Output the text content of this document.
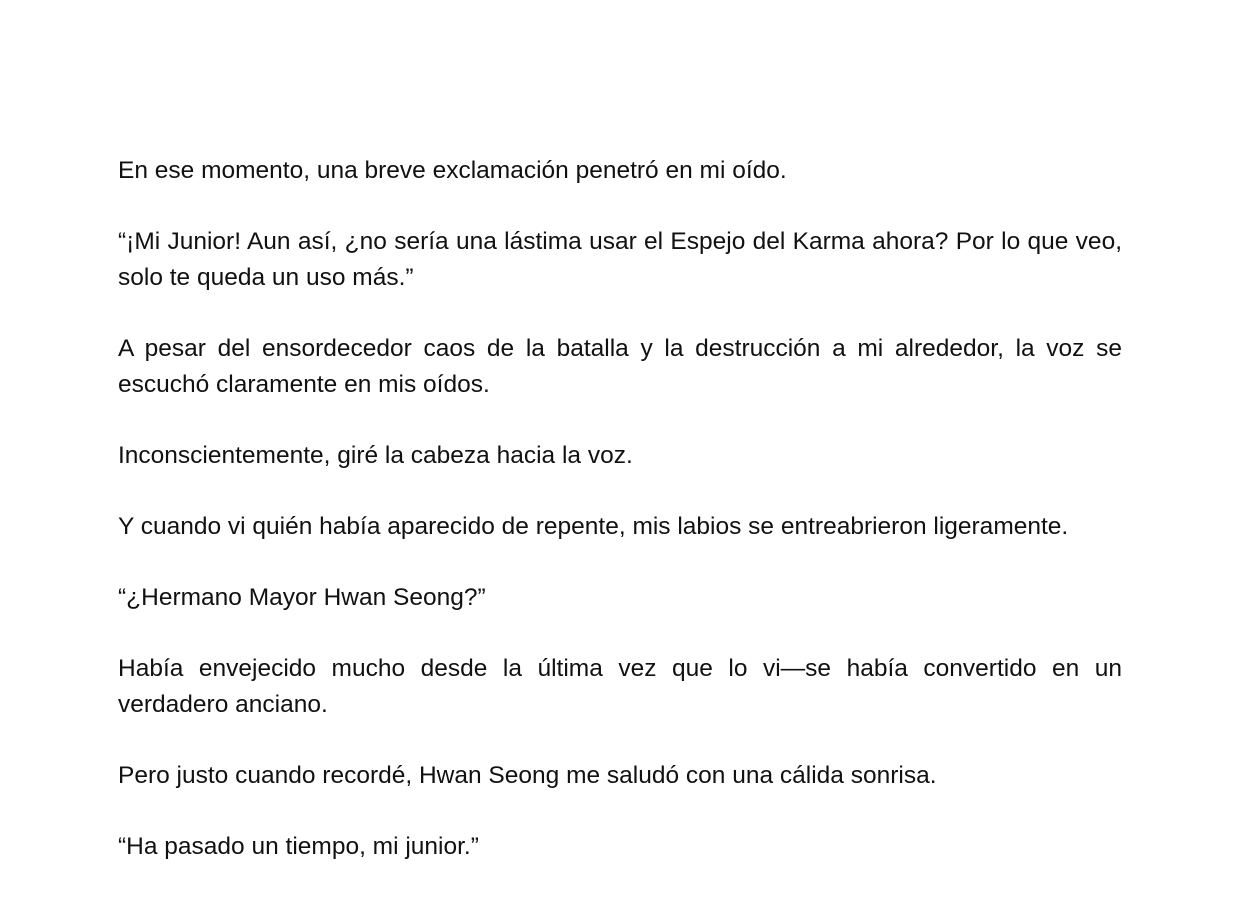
En ese momento, una breve exclamación penetró en mi oído.

“¡Mi Junior! Aun así, ¿no sería una lástima usar el Espejo del Karma ahora? Por lo que veo, solo te queda un uso más.”

A pesar del ensordecedor caos de la batalla y la destrucción a mi alrededor, la voz se escuchó claramente en mis oídos.

Inconscientemente, giré la cabeza hacia la voz.

Y cuando vi quién había aparecido de repente, mis labios se entreabrieron ligeramente.

“¿Hermano Mayor Hwan Seong?”

Había envejecido mucho desde la última vez que lo vi—se había convertido en un verdadero anciano.

Pero justo cuando recordé, Hwan Seong me saludó con una cálida sonrisa.

“Ha pasado un tiempo, mi junior.”
